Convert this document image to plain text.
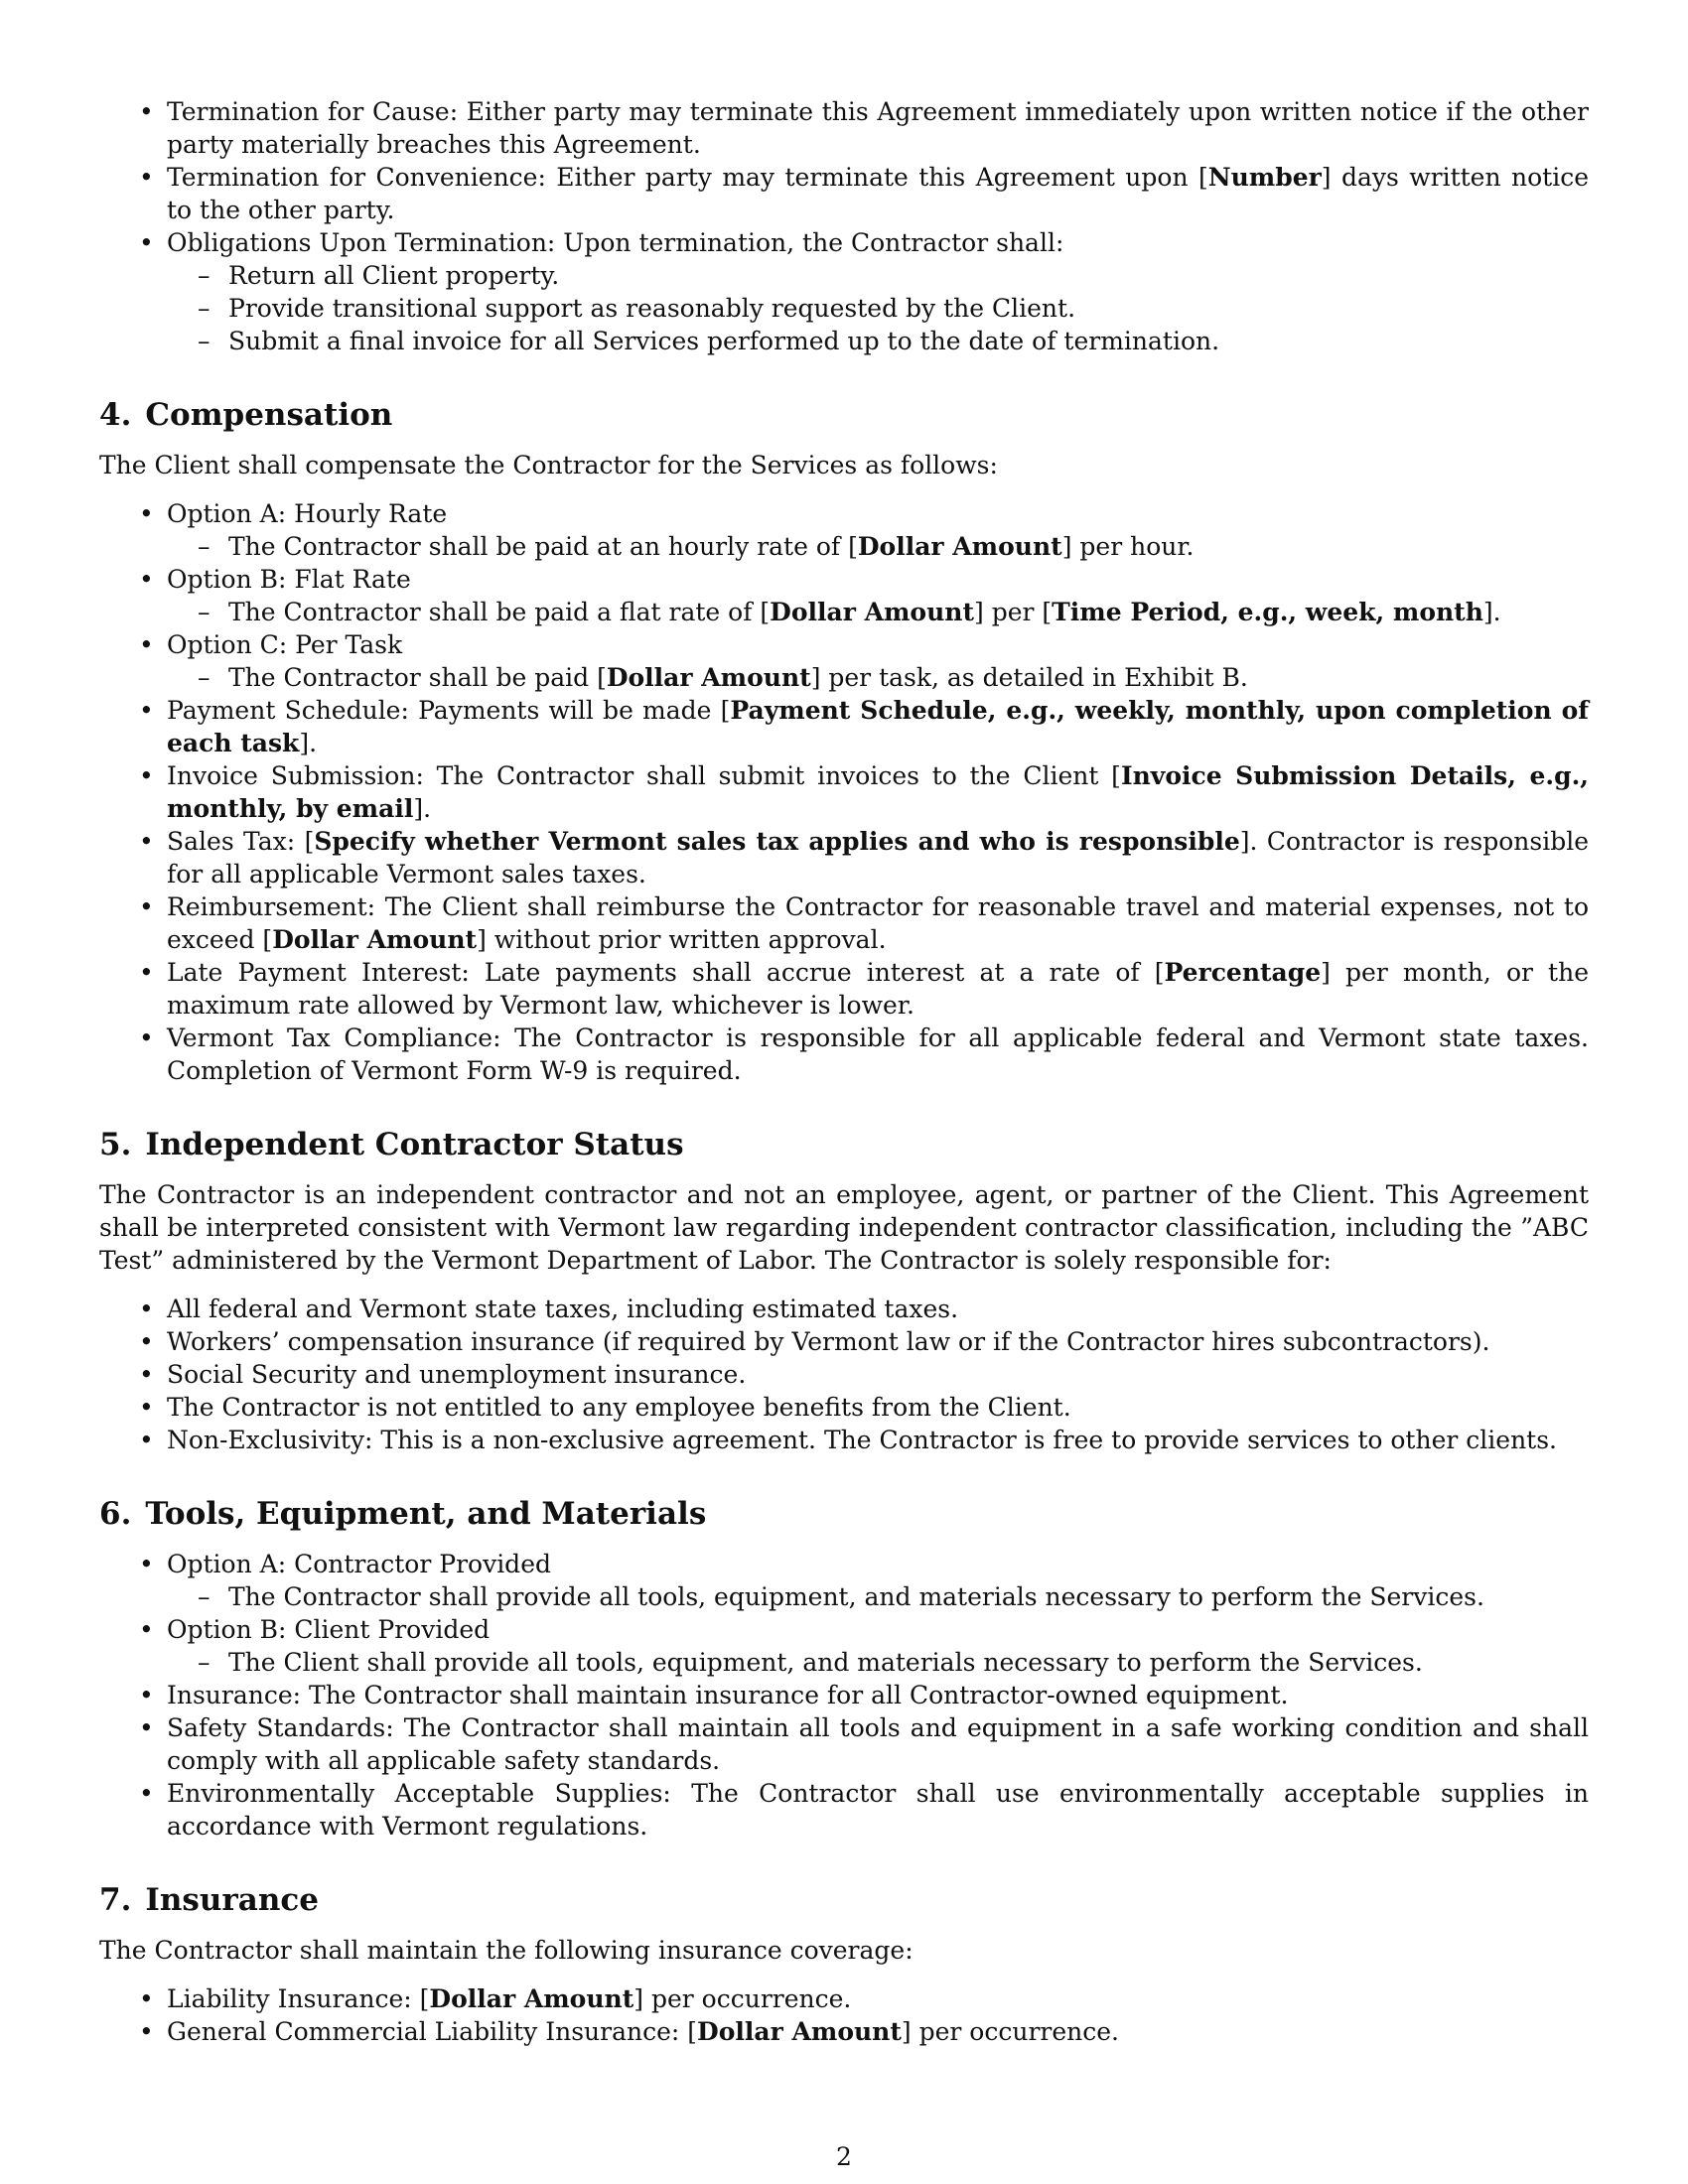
• Termination for Cause: Either party may terminate this Agreement immediately upon written notice if the other party materially breaches this Agreement.
• Termination for Convenience: Either party may terminate this Agreement upon [Number] days written notice to the other party.
• Obligations Upon Termination: Upon termination, the Contractor shall:
– Return all Client property.
– Provide transitional support as reasonably requested by the Client.
– Submit a final invoice for all Services performed up to the date of termination.
4. Compensation

The Client shall compensate the Contractor for the Services as follows:

• Option A: Hourly Rate
– The Contractor shall be paid at an hourly rate of [Dollar Amount] per hour.
• Option B: Flat Rate
– The Contractor shall be paid a flat rate of [Dollar Amount] per [Time Period, e.g., week, month].
• Option C: Per Task
– The Contractor shall be paid [Dollar Amount] per task, as detailed in Exhibit B.
• Payment Schedule: Payments will be made [Payment Schedule, e.g., weekly, monthly, upon completion of each task].
• Invoice Submission: The Contractor shall submit invoices to the Client [Invoice Submission Details, e.g., monthly, by email].
• Sales Tax: [Specify whether Vermont sales tax applies and who is responsible]. Contractor is responsible for all applicable Vermont sales taxes.
• Reimbursement: The Client shall reimburse the Contractor for reasonable travel and material expenses, not to exceed [Dollar Amount] without prior written approval.
• Late Payment Interest: Late payments shall accrue interest at a rate of [Percentage] per month, or the maximum rate allowed by Vermont law, whichever is lower.
• Vermont Tax Compliance: The Contractor is responsible for all applicable federal and Vermont state taxes. Completion of Vermont Form W-9 is required.
5. Independent Contractor Status

The Contractor is an independent contractor and not an employee, agent, or partner of the Client. This Agreement shall be interpreted consistent with Vermont law regarding independent contractor classification, including the ”ABC Test” administered by the Vermont Department of Labor. The Contractor is solely responsible for:

• All federal and Vermont state taxes, including estimated taxes.
• Workers’ compensation insurance (if required by Vermont law or if the Contractor hires subcontractors).
• Social Security and unemployment insurance.
• The Contractor is not entitled to any employee benefits from the Client.
• Non-Exclusivity: This is a non-exclusive agreement. The Contractor is free to provide services to other clients.
6. Tools, Equipment, and Materials
• Option A: Contractor Provided
– The Contractor shall provide all tools, equipment, and materials necessary to perform the Services.
• Option B: Client Provided
– The Client shall provide all tools, equipment, and materials necessary to perform the Services.
• Insurance: The Contractor shall maintain insurance for all Contractor-owned equipment.
• Safety Standards: The Contractor shall maintain all tools and equipment in a safe working condition and shall comply with all applicable safety standards.
• Environmentally Acceptable Supplies: The Contractor shall use environmentally acceptable supplies in accordance with Vermont regulations.
7. Insurance

The Contractor shall maintain the following insurance coverage:

• Liability Insurance: [Dollar Amount] per occurrence.
• General Commercial Liability Insurance: [Dollar Amount] per occurrence.
2
